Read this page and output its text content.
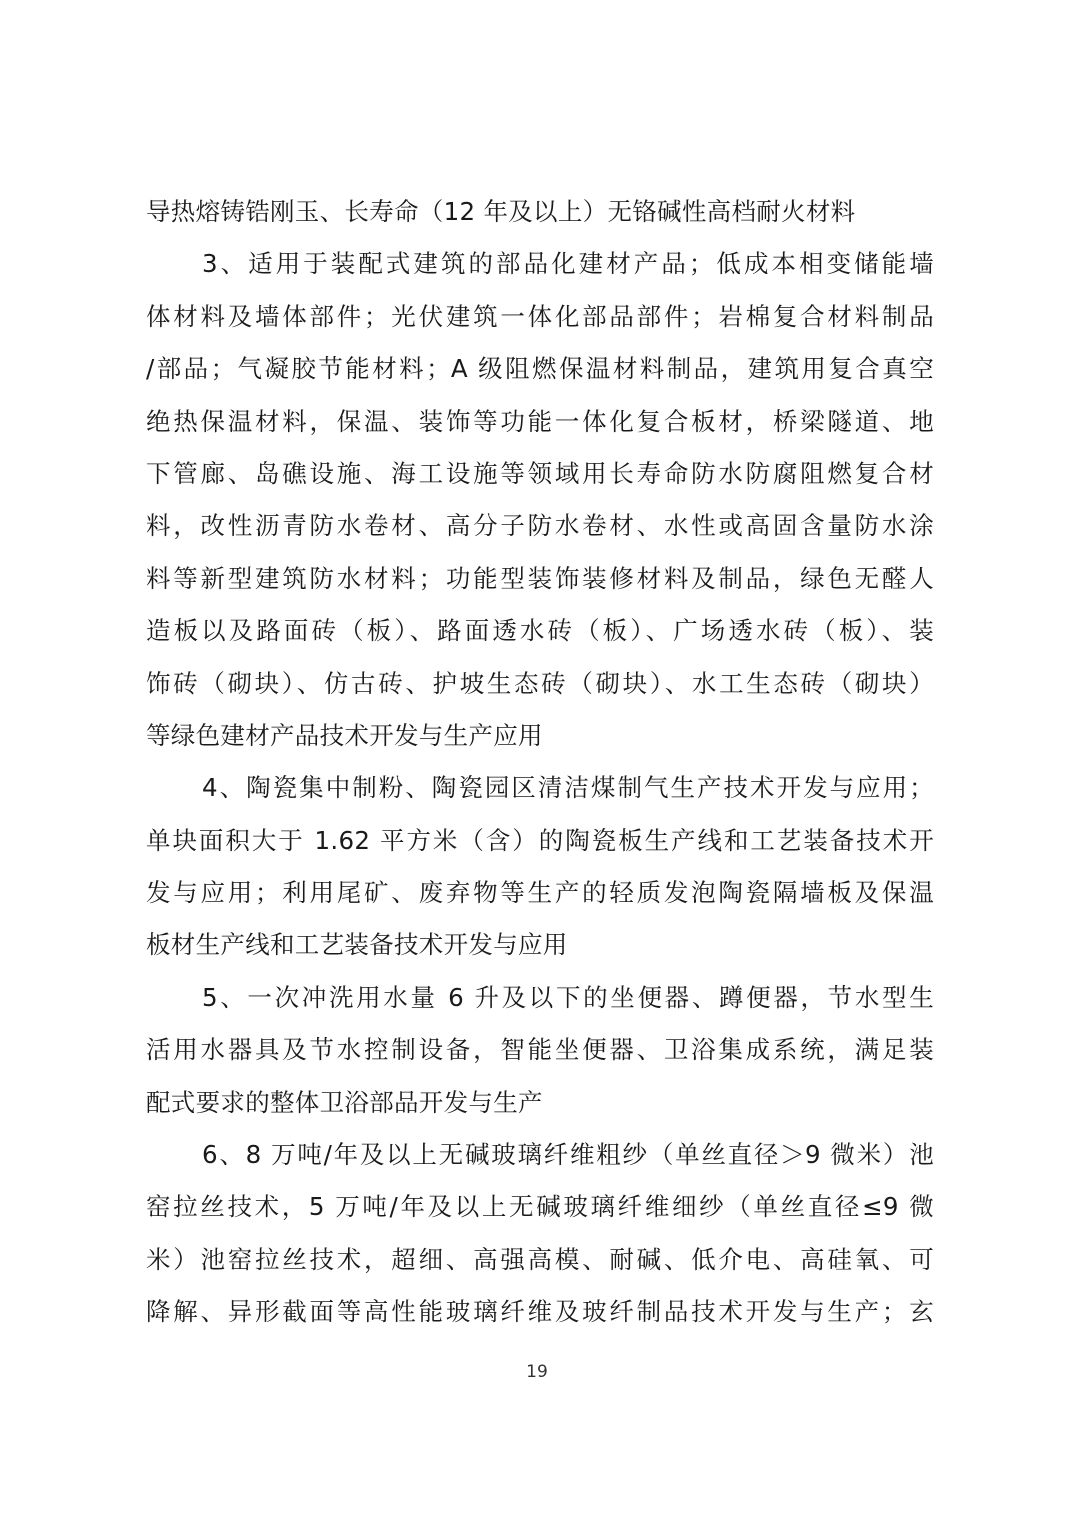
导热熔铸锆刚玉、长寿命（12 年及以上）无铬碱性高档耐火材料
3、适用于装配式建筑的部品化建材产品；低成本相变储能墙
体材料及墙体部件；光伏建筑一体化部品部件；岩棉复合材料制品
/部品；气凝胶节能材料；A 级阻燃保温材料制品，建筑用复合真空
绝热保温材料，保温、装饰等功能一体化复合板材，桥梁隧道、地
下管廊、岛礁设施、海工设施等领域用长寿命防水防腐阻燃复合材
料，改性沥青防水卷材、高分子防水卷材、水性或高固含量防水涂
料等新型建筑防水材料；功能型装饰装修材料及制品，绿色无醛人
造板以及路面砖（板）、路面透水砖（板）、广场透水砖（板）、装
饰砖（砌块）、仿古砖、护坡生态砖（砌块）、水工生态砖（砌块）
等绿色建材产品技术开发与生产应用
4、陶瓷集中制粉、陶瓷园区清洁煤制气生产技术开发与应用；
单块面积大于 1.62 平方米（含）的陶瓷板生产线和工艺装备技术开
发与应用；利用尾矿、废弃物等生产的轻质发泡陶瓷隔墙板及保温
板材生产线和工艺装备技术开发与应用
5、一次冲洗用水量 6 升及以下的坐便器、蹲便器，节水型生
活用水器具及节水控制设备，智能坐便器、卫浴集成系统，满足装
配式要求的整体卫浴部品开发与生产
6、8 万吨/年及以上无碱玻璃纤维粗纱（单丝直径＞9 微米）池
窑拉丝技术，5 万吨/年及以上无碱玻璃纤维细纱（单丝直径≤9 微
米）池窑拉丝技术，超细、高强高模、耐碱、低介电、高硅氧、可
降解、异形截面等高性能玻璃纤维及玻纤制品技术开发与生产；玄
19
